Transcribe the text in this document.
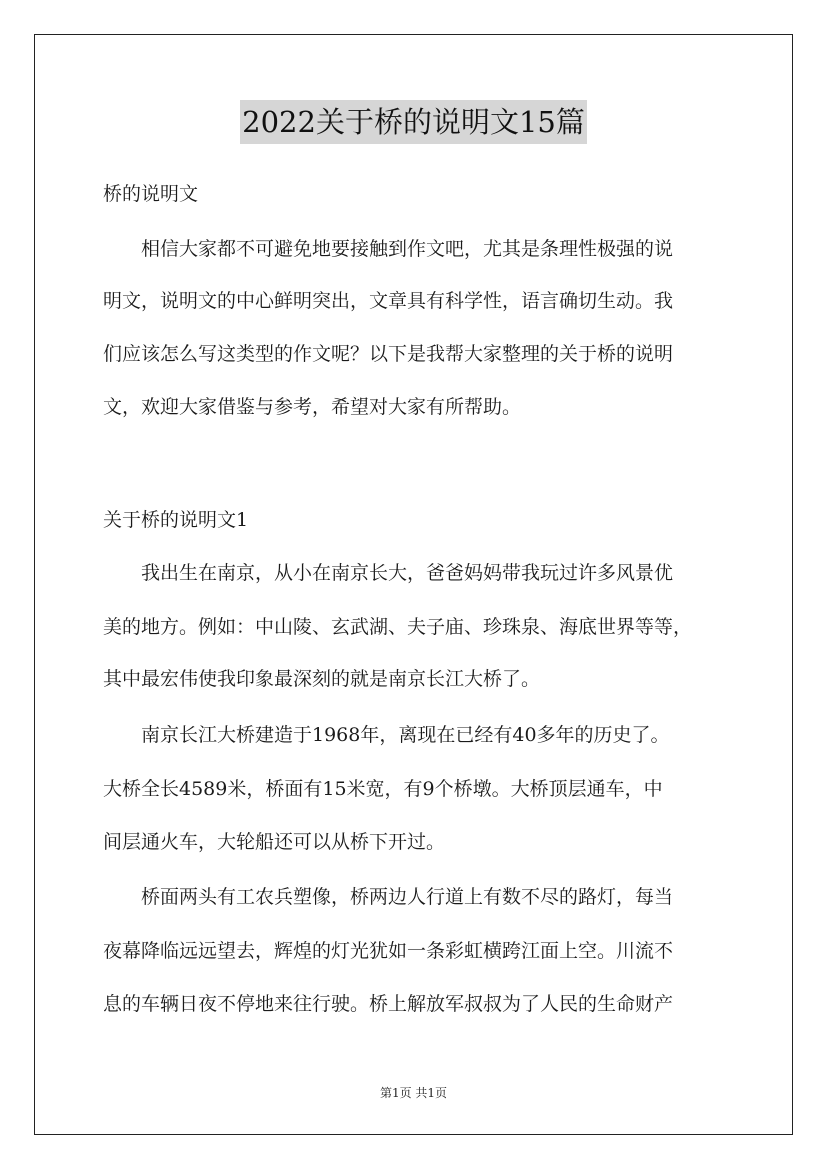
2022关于桥的说明文15篇
桥的说明文
相信大家都不可避免地要接触到作文吧，尤其是条理性极强的说
明文，说明文的中心鲜明突出，文章具有科学性，语言确切生动。我
们应该怎么写这类型的作文呢？以下是我帮大家整理的关于桥的说明
文，欢迎大家借鉴与参考，希望对大家有所帮助。
关于桥的说明文1
我出生在南京，从小在南京长大，爸爸妈妈带我玩过许多风景优
美的地方。例如：中山陵、玄武湖、夫子庙、珍珠泉、海底世界等等，
其中最宏伟使我印象最深刻的就是南京长江大桥了。
南京长江大桥建造于1968年，离现在已经有40多年的历史了。
大桥全长4589米，桥面有15米宽，有9个桥墩。大桥顶层通车，中
间层通火车，大轮船还可以从桥下开过。
桥面两头有工农兵塑像，桥两边人行道上有数不尽的路灯，每当
夜幕降临远远望去，辉煌的灯光犹如一条彩虹横跨江面上空。川流不
息的车辆日夜不停地来往行驶。桥上解放军叔叔为了人民的生命财产
第1页 共1页
